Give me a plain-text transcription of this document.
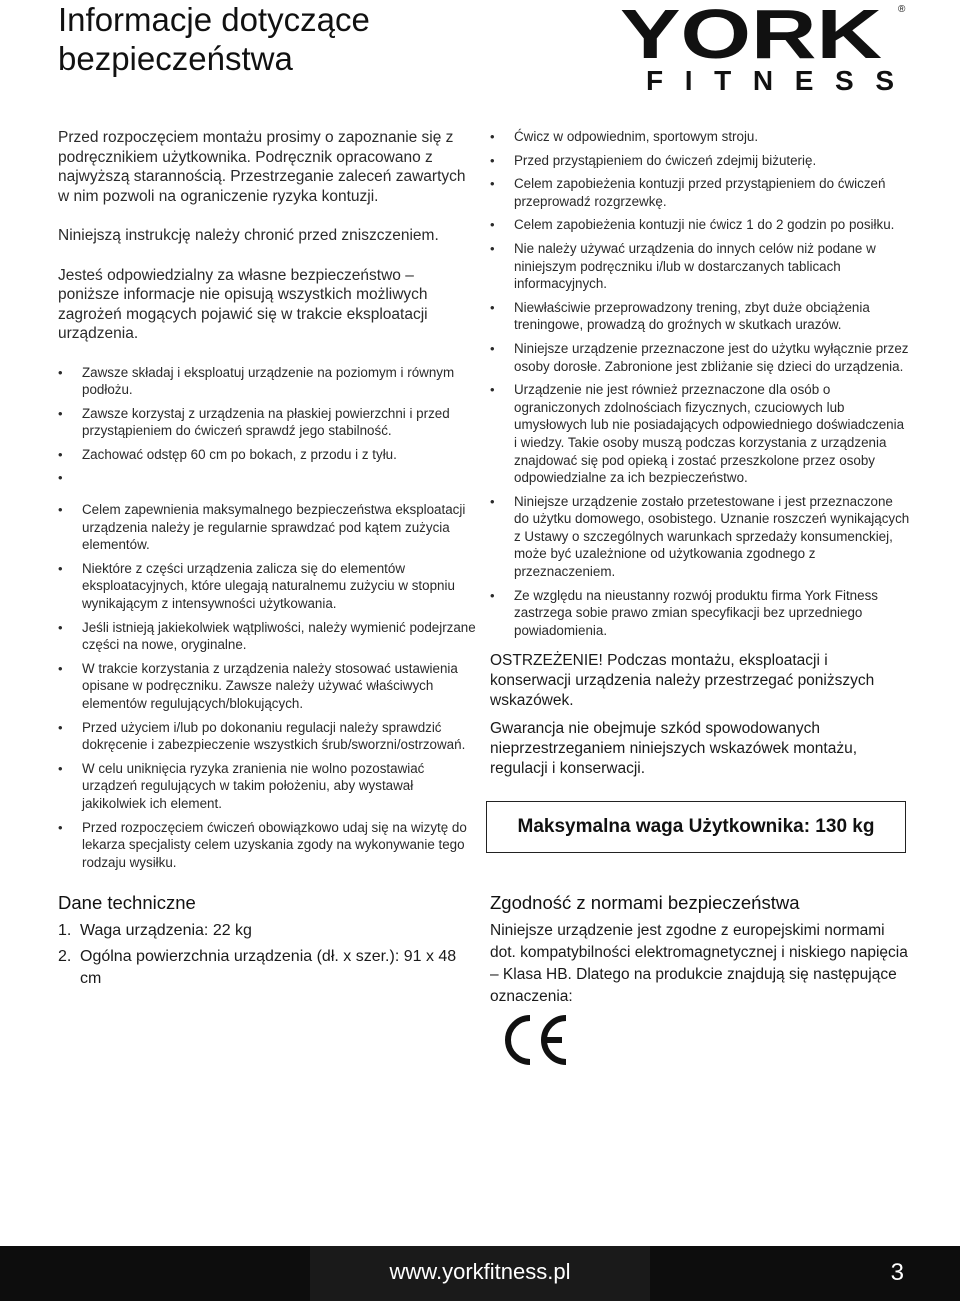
Informacje dotyczące
bezpieczeństwa	YORK ®
FITNESS

Przed rozpoczęciem montażu prosimy o zapoznanie się z podręcznikiem użytkownika. Podręcznik opracowano z najwyższą starannością. Przestrzeganie zaleceń zawartych w nim pozwoli na ograniczenie ryzyka kontuzji.

Niniejszą instrukcję należy chronić przed zniszczeniem.

Jesteś odpowiedzialny za własne bezpieczeństwo – poniższe informacje nie opisują wszystkich możliwych zagrożeń mogących pojawić się w trakcie eksploatacji urządzenia.

• Zawsze składaj i eksploatuj urządzenie na poziomym i równym podłożu.
• Zawsze korzystaj z urządzenia na płaskiej powierzchni i przed przystąpieniem do ćwiczeń sprawdź jego stabilność.
• Zachować odstęp 60 cm po bokach, z przodu i z tyłu.
•
• Celem zapewnienia maksymalnego bezpieczeństwa eksploatacji urządzenia należy je regularnie sprawdzać pod kątem zużycia elementów.
• Niektóre z części urządzenia zalicza się do elementów eksploatacyjnych, które ulegają naturalnemu zużyciu w stopniu wynikającym z intensywności użytkowania.
• Jeśli istnieją jakiekolwiek wątpliwości, należy wymienić podejrzane części na nowe, oryginalne.
• W trakcie korzystania z urządzenia należy stosować ustawienia opisane w podręczniku. Zawsze należy używać właściwych elementów regulujących/blokujących.
• Przed użyciem i/lub po dokonaniu regulacji należy sprawdzić dokręcenie i zabezpieczenie wszystkich śrub/sworzni/ostrzowań.
• W celu uniknięcia ryzyka zranienia nie wolno pozostawiać urządzeń regulujących w takim położeniu, aby wystawał jakikolwiek ich element.
• Przed rozpoczęciem ćwiczeń obowiązkowo udaj się na wizytę do lekarza specjalisty celem uzyskania zgody na wykonywanie tego rodzaju wysiłku.
• Ćwicz w odpowiednim, sportowym stroju.
• Przed przystąpieniem do ćwiczeń zdejmij biżuterię.
• Celem zapobieżenia kontuzji przed przystąpieniem do ćwiczeń przeprowadź rozgrzewkę.
• Celem zapobieżenia kontuzji nie ćwicz 1 do 2 godzin po posiłku.
• Nie należy używać urządzenia do innych celów niż podane w niniejszym podręczniku i/lub w dostarczanych tablicach informacyjnych.
• Niewłaściwie przeprowadzony trening, zbyt duże obciążenia treningowe, prowadzą do groźnych w skutkach urazów.
• Niniejsze urządzenie przeznaczone jest do użytku wyłącznie przez osoby dorosłe. Zabronione jest zbliżanie się dzieci do urządzenia.
• Urządzenie nie jest również przeznaczone dla osób o ograniczonych zdolnościach fizycznych, czuciowych lub umysłowych lub nie posiadających odpowiedniego doświadczenia i wiedzy. Takie osoby muszą podczas korzystania z urządzenia znajdować się pod opieką i zostać przeszkolone przez osoby odpowiedzialne za ich bezpieczeństwo.
• Niniejsze urządzenie zostało przetestowane i jest przeznaczone do użytku domowego, osobistego. Uznanie roszczeń wynikających z Ustawy o szczególnych warunkach sprzedaży konsumenckiej, może być uzależnione od użytkowania zgodnego z przeznaczeniem.
• Ze względu na nieustanny rozwój produktu firma York Fitness zastrzega sobie prawo zmian specyfikacji bez uprzedniego powiadomienia.

OSTRZEŻENIE! Podczas montażu, eksploatacji i konserwacji urządzenia należy przestrzegać poniższych wskazówek.

Gwarancja nie obejmuje szkód spowodowanych nieprzestrzeganiem niniejszych wskazówek montażu, regulacji i konserwacji.

Maksymalna waga Użytkownika: 130 kg
Dane techniczne
1. Waga urządzenia: 22 kg
2. Ogólna powierzchnia urządzenia (dł. x szer.): 91 x 48 cm
Zgodność z normami bezpieczeństwa

Niniejsze urządzenie jest zgodne z europejskimi normami dot. kompatybilności elektromagnetycznej i niskiego napięcia – Klasa HB. Dlatego na produkcie znajdują się następujące oznaczenia:

www.yorkfitness.pl	3
